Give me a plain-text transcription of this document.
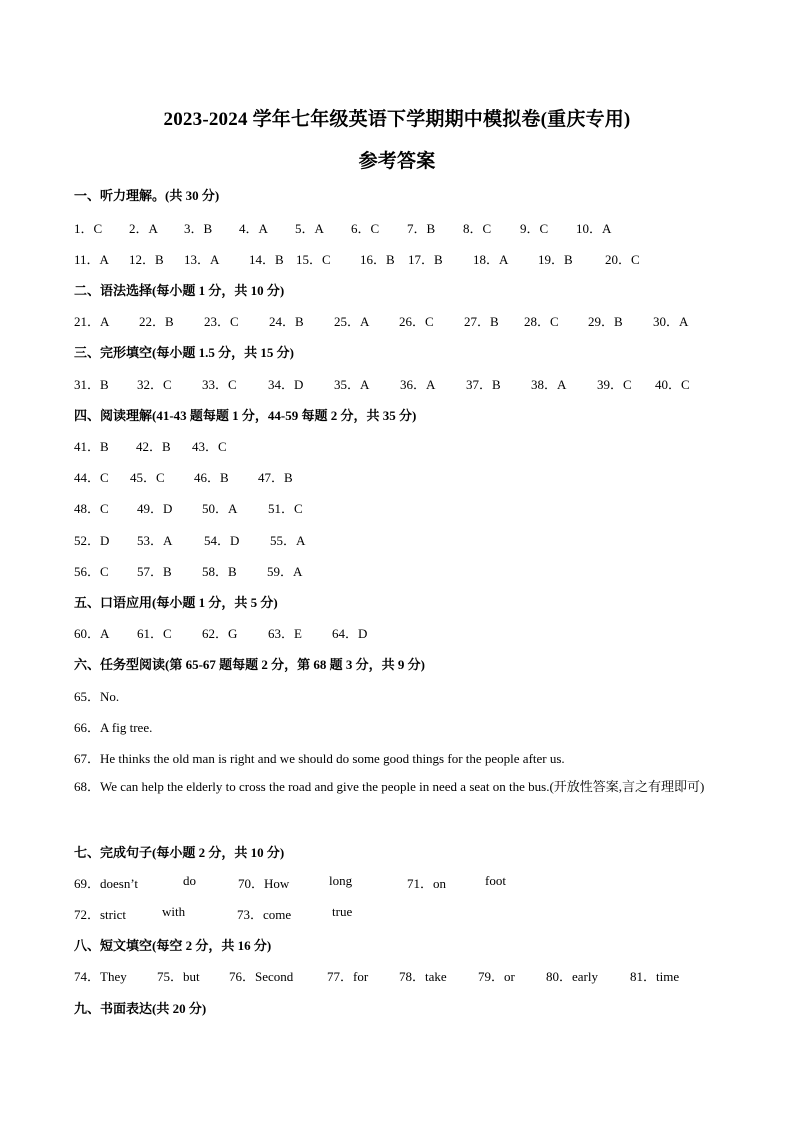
2023-2024 学年七年级英语下学期期中模拟卷(重庆专用)
参考答案
一、听力理解。(共 30 分)
1．C 2．A 3．B 4．A 5．A 6．C 7．B 8．C 9．C 10．A
11．A 12．B 13．A 14．B 15．C 16．B 17．B 18．A 19．B 20．C
二、语法选择(每小题 1 分，共 10 分)
21．A 22．B 23．C 24．B 25．A 26．C 27．B 28．C 29．B 30．A
三、完形填空(每小题 1.5 分，共 15 分)
31．B 32．C 33．C 34．D 35．A 36．A 37．B 38．A 39．C 40．C
四、阅读理解(41-43 题每题 1 分，44-59 每题 2 分，共 35 分)
41．B 42．B 43．C
44．C 45．C 46．B 47．B
48．C 49．D 50．A 51．C
52．D 53．A 54．D 55．A
56．C 57．B 58．B 59．A
五、口语应用(每小题 1 分，共 5 分)
60．A 61．C 62．G 63．E 64．D
六、任务型阅读(第 65-67 题每题 2 分，第 68 题 3 分，共 9 分)
65．No.
66．A fig tree.
67．He thinks the old man is right and we should do some good things for the people after us.
68．We can help the elderly to cross the road and give the people in need a seat on the bus.(开放性答案,言之有理即可)
七、完成句子(每小题 2 分，共 10 分)
69．doesn’t	do	70．How	long	71．on	foot
72．strict	with	73．come	true
八、短文填空(每空 2 分，共 16 分)
74．They 75．but 76．Second	77．for 78．take 79．or 80．early 81．time
九、书面表达(共 20 分)
